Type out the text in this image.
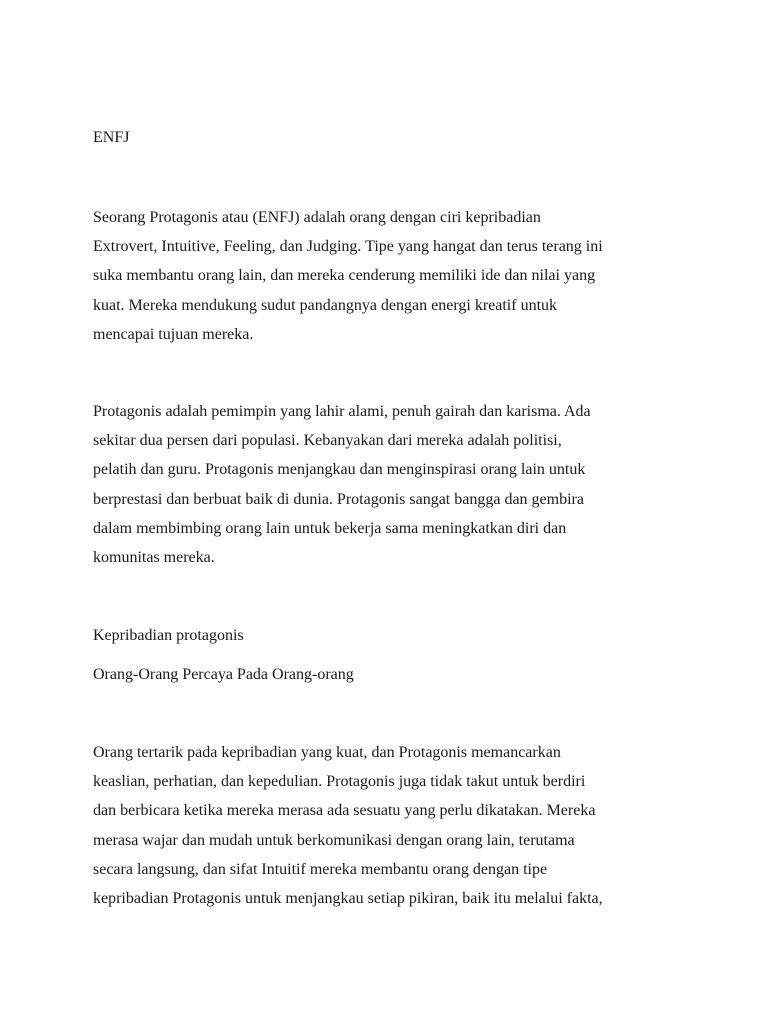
ENFJ

Seorang Protagonis atau (ENFJ) adalah orang dengan ciri kepribadian
Extrovert, Intuitive, Feeling, dan Judging. Tipe yang hangat dan terus terang ini
suka membantu orang lain, dan mereka cenderung memiliki ide dan nilai yang
kuat. Mereka mendukung sudut pandangnya dengan energi kreatif untuk
mencapai tujuan mereka.

Protagonis adalah pemimpin yang lahir alami, penuh gairah dan karisma. Ada
sekitar dua persen dari populasi. Kebanyakan dari mereka adalah politisi,
pelatih dan guru. Protagonis menjangkau dan menginspirasi orang lain untuk
berprestasi dan berbuat baik di dunia. Protagonis sangat bangga dan gembira
dalam membimbing orang lain untuk bekerja sama meningkatkan diri dan
komunitas mereka.

Kepribadian protagonis

Orang-Orang Percaya Pada Orang-orang

Orang tertarik pada kepribadian yang kuat, dan Protagonis memancarkan
keaslian, perhatian, dan kepedulian. Protagonis juga tidak takut untuk berdiri
dan berbicara ketika mereka merasa ada sesuatu yang perlu dikatakan. Mereka
merasa wajar dan mudah untuk berkomunikasi dengan orang lain, terutama
secara langsung, dan sifat Intuitif mereka membantu orang dengan tipe
kepribadian Protagonis untuk menjangkau setiap pikiran, baik itu melalui fakta,
